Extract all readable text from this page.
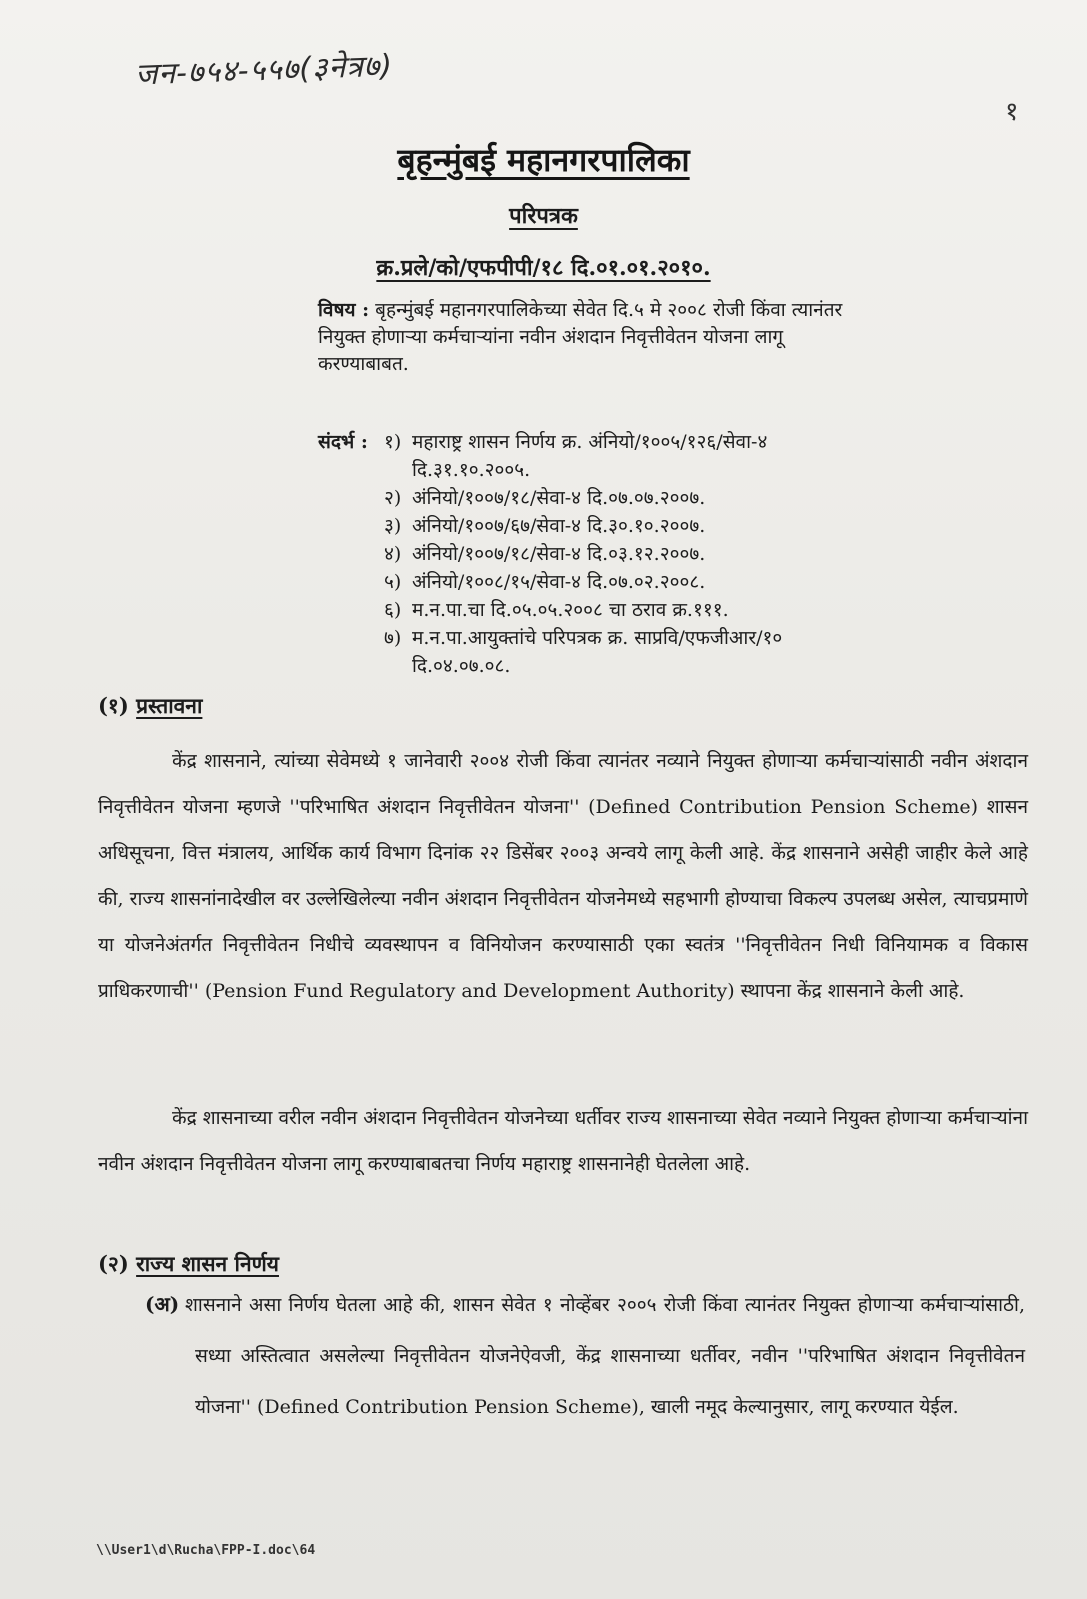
जन-७५४-५५७(३नेत्र७)
१
बृहन्मुंबई महानगरपालिका
परिपत्रक
क्र.प्रले/को/एफपीपी/१८ दि.०१.०१.२०१०.
विषय : बृहन्मुंबई महानगरपालिकेच्या सेवेत दि.५ मे २००८ रोजी किंवा त्यानंतर नियुक्त होणाऱ्या कर्मचाऱ्यांना नवीन अंशदान निवृत्तीवेतन योजना लागू करण्याबाबत.
संदर्भ : १) महाराष्ट्र शासन निर्णय क्र. अंनियो/१००५/१२६/सेवा-४
दि.३१.१०.२००५.
२) अंनियो/१००७/१८/सेवा-४ दि.०७.०७.२००७.
३) अंनियो/१००७/६७/सेवा-४ दि.३०.१०.२००७.
४) अंनियो/१००७/१८/सेवा-४ दि.०३.१२.२००७.
५) अंनियो/१००८/१५/सेवा-४ दि.०७.०२.२००८.
६) म.न.पा.चा दि.०५.०५.२००८ चा ठराव क्र.१११.
७) म.न.पा.आयुक्तांचे परिपत्रक क्र. साप्रवि/एफजीआर/१०
दि.०४.०७.०८.
(१) प्रस्तावना
केंद्र शासनाने, त्यांच्या सेवेमध्ये १ जानेवारी २००४ रोजी किंवा त्यानंतर नव्याने नियुक्त होणाऱ्या कर्मचाऱ्यांसाठी नवीन अंशदान निवृत्तीवेतन योजना म्हणजे ''परिभाषित अंशदान निवृत्तीवेतन योजना'' (Defined Contribution Pension Scheme) शासन अधिसूचना, वित्त मंत्रालय, आर्थिक कार्य विभाग दिनांक २२ डिसेंबर २००३ अन्वये लागू केली आहे. केंद्र शासनाने असेही जाहीर केले आहे की, राज्य शासनांनादेखील वर उल्लेखिलेल्या नवीन अंशदान निवृत्तीवेतन योजनेमध्ये सहभागी होण्याचा विकल्प उपलब्ध असेल, त्याचप्रमाणे या योजनेअंतर्गत निवृत्तीवेतन निधीचे व्यवस्थापन व विनियोजन करण्यासाठी एका स्वतंत्र ''निवृत्तीवेतन निधी विनियामक व विकास प्राधिकरणाची'' (Pension Fund Regulatory and Development Authority) स्थापना केंद्र शासनाने केली आहे.
केंद्र शासनाच्या वरील नवीन अंशदान निवृत्तीवेतन योजनेच्या धर्तीवर राज्य शासनाच्या सेवेत नव्याने नियुक्त होणाऱ्या कर्मचाऱ्यांना नवीन अंशदान निवृत्तीवेतन योजना लागू करण्याबाबतचा निर्णय महाराष्ट्र शासनानेही घेतलेला आहे.
(२) राज्य शासन निर्णय
(अ) शासनाने असा निर्णय घेतला आहे की, शासन सेवेत १ नोव्हेंबर २००५ रोजी किंवा त्यानंतर नियुक्त होणाऱ्या कर्मचाऱ्यांसाठी, सध्या अस्तित्वात असलेल्या निवृत्तीवेतन योजनेऐवजी, केंद्र शासनाच्या धर्तीवर, नवीन ''परिभाषित अंशदान निवृत्तीवेतन योजना'' (Defined Contribution Pension Scheme), खाली नमूद केल्यानुसार, लागू करण्यात येईल.
\\User1\d\Rucha\FPP-I.doc\64
